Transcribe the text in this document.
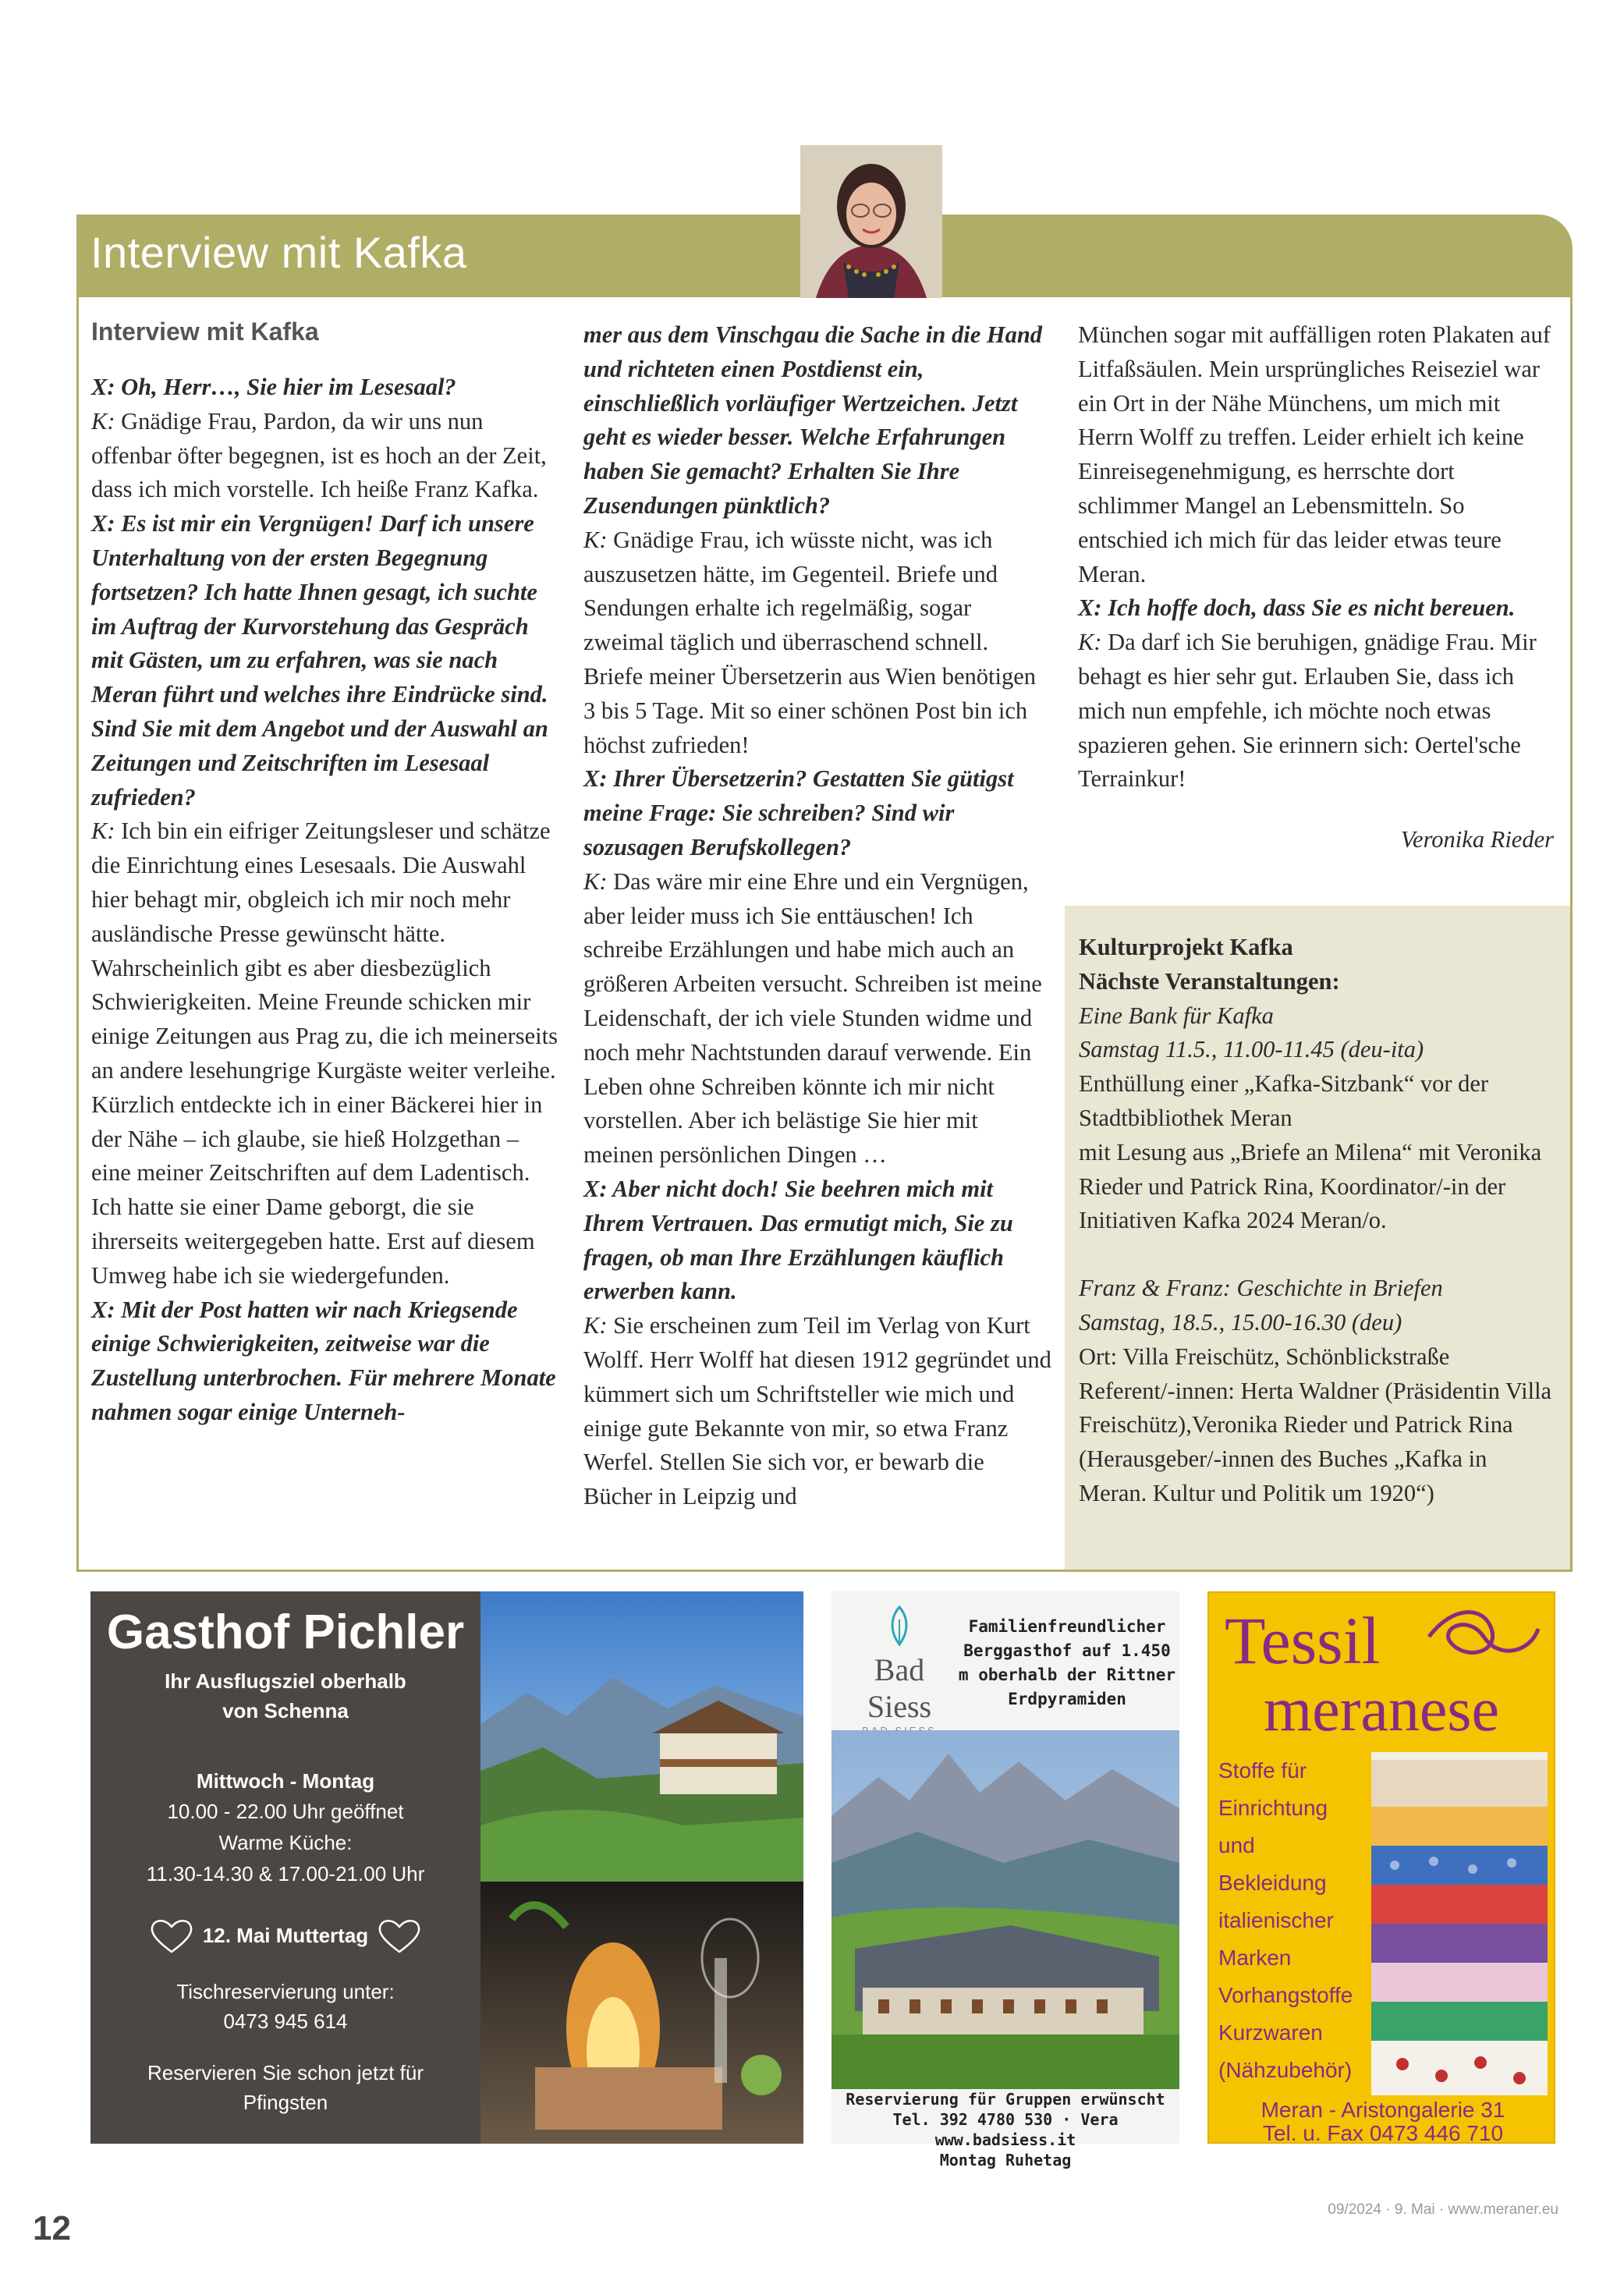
Interview mit Kafka
Interview mit Kafka
X: Oh, Herr…, Sie hier im Lesesaal?
K: Gnädige Frau, Pardon, da wir uns nun offenbar öfter begegnen, ist es hoch an der Zeit, dass ich mich vorstelle. Ich heiße Franz Kafka.
X: Es ist mir ein Vergnügen! Darf ich unsere Unterhaltung von der ersten Begegnung fortsetzen? Ich hatte Ihnen gesagt, ich suchte im Auftrag der Kurvorstehung das Gespräch mit Gästen, um zu erfahren, was sie nach Meran führt und welches ihre Eindrücke sind. Sind Sie mit dem Angebot und der Auswahl an Zeitungen und Zeitschriften im Lesesaal zufrieden?
K: Ich bin ein eifriger Zeitungsleser und schätze die Einrichtung eines Lesesaals. Die Auswahl hier behagt mir, obgleich ich mir noch mehr ausländische Presse gewünscht hätte. Wahrscheinlich gibt es aber diesbezüglich Schwierigkeiten. Meine Freunde schicken mir einige Zeitungen aus Prag zu, die ich meinerseits an andere lesehungrige Kurgäste weiter verleihe. Kürzlich entdeckte ich in einer Bäckerei hier in der Nähe – ich glaube, sie hieß Holzgethan – eine meiner Zeitschriften auf dem Ladentisch. Ich hatte sie einer Dame geborgt, die sie ihrerseits weitergegeben hatte. Erst auf diesem Umweg habe ich sie wiedergefunden.
X: Mit der Post hatten wir nach Kriegsende einige Schwierigkeiten, zeitweise war die Zustellung unterbrochen. Für mehrere Monate nahmen sogar einige Unterneh-
mer aus dem Vinschgau die Sache in die Hand und richteten einen Postdienst ein, einschließlich vorläufiger Wertzeichen. Jetzt geht es wieder besser. Welche Erfahrungen haben Sie gemacht? Erhalten Sie Ihre Zusendungen pünktlich?
K: Gnädige Frau, ich wüsste nicht, was ich auszusetzen hätte, im Gegenteil. Briefe und Sendungen erhalte ich regelmäßig, sogar zweimal täglich und überraschend schnell. Briefe meiner Übersetzerin aus Wien benötigen 3 bis 5 Tage. Mit so einer schönen Post bin ich höchst zufrieden!
X: Ihrer Übersetzerin? Gestatten Sie gütigst meine Frage: Sie schreiben? Sind wir sozusagen Berufskollegen?
K: Das wäre mir eine Ehre und ein Vergnügen, aber leider muss ich Sie enttäuschen! Ich schreibe Erzählungen und habe mich auch an größeren Arbeiten versucht. Schreiben ist meine Leidenschaft, der ich viele Stunden widme und noch mehr Nachtstunden darauf verwende. Ein Leben ohne Schreiben könnte ich mir nicht vorstellen. Aber ich belästige Sie hier mit meinen persönlichen Dingen …
X: Aber nicht doch! Sie beehren mich mit Ihrem Vertrauen. Das ermutigt mich, Sie zu fragen, ob man Ihre Erzählungen käuflich erwerben kann.
K: Sie erscheinen zum Teil im Verlag von Kurt Wolff. Herr Wolff hat diesen 1912 gegründet und kümmert sich um Schriftsteller wie mich und einige gute Bekannte von mir, so etwa Franz Werfel. Stellen Sie sich vor, er bewarb die Bücher in Leipzig und
München sogar mit auffälligen roten Plakaten auf Litfaßsäulen. Mein ursprüngliches Reiseziel war ein Ort in der Nähe Münchens, um mich mit Herrn Wolff zu treffen. Leider erhielt ich keine Einreisegenehmigung, es herrschte dort schlimmer Mangel an Lebensmitteln. So entschied ich mich für das leider etwas teure Meran.
X: Ich hoffe doch, dass Sie es nicht bereuen.
K: Da darf ich Sie beruhigen, gnädige Frau. Mir behagt es hier sehr gut. Erlauben Sie, dass ich mich nun empfehle, ich möchte noch etwas spazieren gehen. Sie erinnern sich: Oertel'sche Terrainkur!
Veronika Rieder
Kulturprojekt Kafka
Nächste Veranstaltungen:
Eine Bank für Kafka
Samstag 11.5., 11.00-11.45 (deu-ita)
Enthüllung einer „Kafka-Sitzbank“ vor der Stadtbibliothek Meran
mit Lesung aus „Briefe an Milena“ mit Veronika Rieder und Patrick Rina, Koordinator/-in der Initiativen Kafka 2024 Meran/o.
Franz & Franz: Geschichte in Briefen
Samstag, 18.5., 15.00-16.30 (deu)
Ort: Villa Freischütz, Schönblickstraße
Referent/-innen: Herta Waldner (Präsidentin Villa Freischütz),Veronika Rieder und Patrick Rina (Herausgeber/-innen des Buches „Kafka in Meran. Kultur und Politik um 1920“)
Gasthof Pichler
Ihr Ausflugsziel oberhalb von Schenna
Mittwoch - Montag
10.00 - 22.00 Uhr geöffnet
Warme Küche:
11.30-14.30 & 17.00-21.00 Uhr
12. Mai Muttertag
Tischreservierung unter:
0473 945 614
Reservieren Sie schon jetzt für Pfingsten
Pichlerstraße 32
Bad Siess
Familienfreundlicher Berggasthof auf 1.450 m oberhalb der Rittner Erdpyramiden
Reservierung für Gruppen erwünscht
Tel. 392 4780 530 · Vera www.badsiess.it
Montag Ruhetag
Tessil
meranese
Stoffe für
Einrichtung
und
Bekleidung
italienischer
Marken
Vorhangstoffe
Kurzwaren
(Nähzubehör)
Meran - Aristongalerie 31
Tel. u. Fax 0473 446 710
12	09/2024 · 9. Mai · www.meraner.eu
